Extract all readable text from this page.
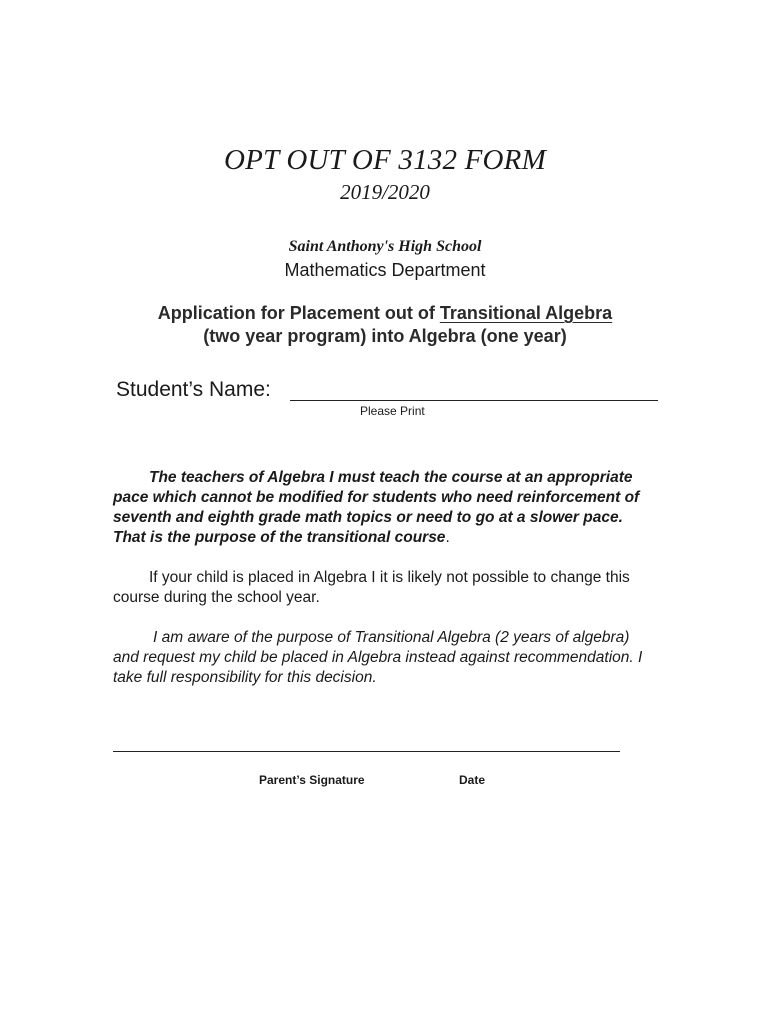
OPT OUT OF 3132 FORM
2019/2020
Saint Anthony's High School
Mathematics Department
Application for Placement out of Transitional Algebra
(two year program) into Algebra (one year)
Student’s Name:
Please Print

The teachers of Algebra I must teach the course at an appropriate pace which cannot be modified for students who need reinforcement of seventh and eighth grade math topics or need to go at a slower pace. That is the purpose of the transitional course.

If your child is placed in Algebra I it is likely not possible to change this course during the school year.

I am aware of the purpose of Transitional Algebra (2 years of algebra) and request my child be placed in Algebra instead against recommendation. I take full responsibility for this decision.

Parent’s Signature	Date
